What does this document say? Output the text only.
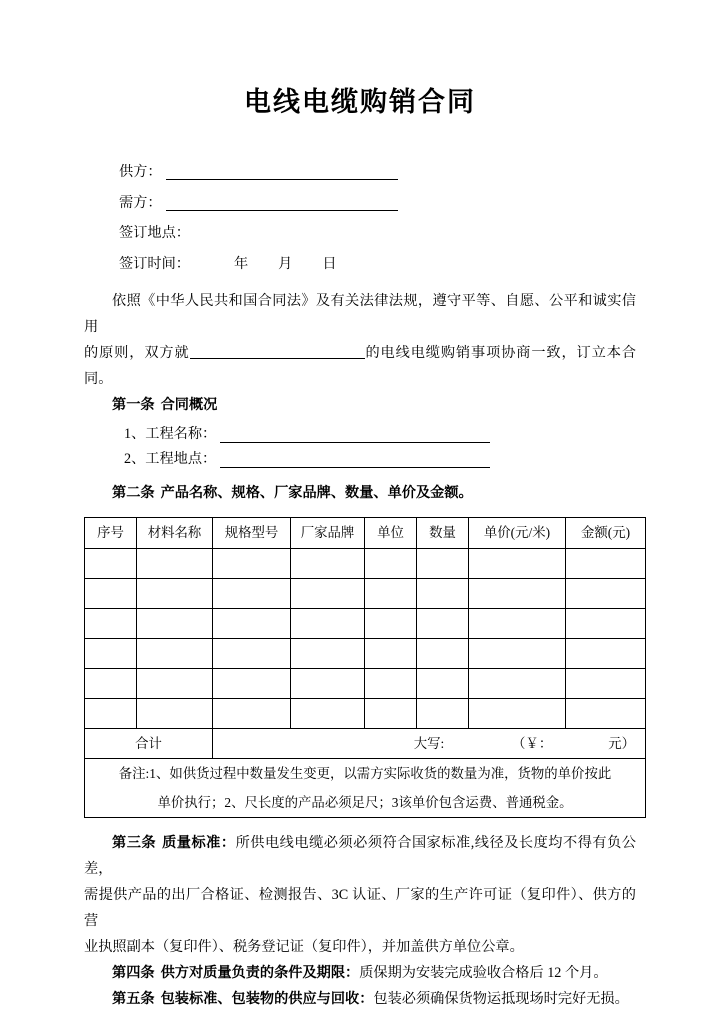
电线电缆购销合同
供方：
需方：
签订地点：
签订时间：	年 月 日

依照《中华人民共和国合同法》及有关法律法规，遵守平等、自愿、公平和诚实信用

的原则，双方就	的电线电缆购销事项协商一致，订立本合同。

第一条 合同概况

1、工程名称：
2、工程地点：

第二条 产品名称、规格、厂家品牌、数量、单价及金额。

序号	材料名称	规格型号	厂家品牌	单位	数量	单价(元/米)	金额(元)

合计		大写: （￥： 元）					

备注:1、如供货过程中数量发生变更，以需方实际收货的数量为准，货物的单价按此
单价执行；2、尺长度的产品必须足尺；3该单价包含运费、普通税金。							

第三条 质量标准：所供电线电缆必须必须符合国家标准,线径及长度均不得有负公差，

需提供产品的出厂合格证、检测报告、3C 认证、厂家的生产许可证（复印件）、供方的营

业执照副本（复印件）、税务登记证（复印件），并加盖供方单位公章。

第四条 供方对质量负责的条件及期限：质保期为安装完成验收合格后 12 个月。

第五条 包装标准、包装物的供应与回收：包装必须确保货物运抵现场时完好无损。
